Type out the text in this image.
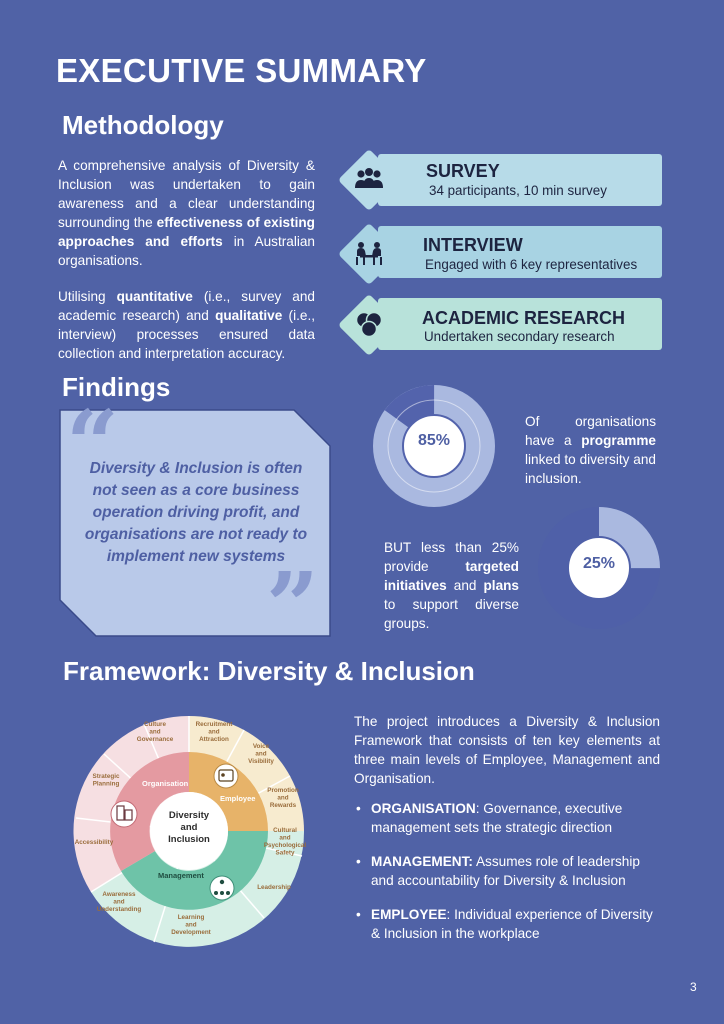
EXECUTIVE SUMMARY
Methodology
A comprehensive analysis of Diversity & Inclusion was undertaken to gain awareness and a clear understanding surrounding the effectiveness of existing approaches and efforts in Australian organisations.
Utilising quantitative (i.e., survey and academic research) and qualitative (i.e., interview) processes ensured data collection and interpretation accuracy.
SURVEY
34 participants, 10 min survey
INTERVIEW
Engaged with 6 key representatives
ACADEMIC RESEARCH
Undertaken secondary research
Findings
“
”
Diversity & Inclusion is often not seen as a core business operation driving profit, and organisations are not ready to implement new systems
85%
Of organisations have a programme linked to diversity and inclusion.
25%
BUT less than 25% provide targeted initiatives and plans to support diverse groups.
Framework: Diversity & Inclusion
Diversity
and
Inclusion
Organisation
Employee
Management
Culture
and
Governance
Recruitment
and
Attraction
Voice
and
Visibility
Promotion
and
Rewards
Cultural
and
Psychological
Safety
Leadership
Learning
and
Development
Awareness
and
Understanding
Accessibility
Strategic
Planning
The project introduces a Diversity & Inclusion Framework that consists of ten key elements at three main levels of Employee, Management and Organisation.
• ORGANISATION: Governance, executive management sets the strategic direction
• MANAGEMENT: Assumes role of leadership and accountability for Diversity & Inclusion
• EMPLOYEE: Individual experience of Diversity & Inclusion in the workplace
3
